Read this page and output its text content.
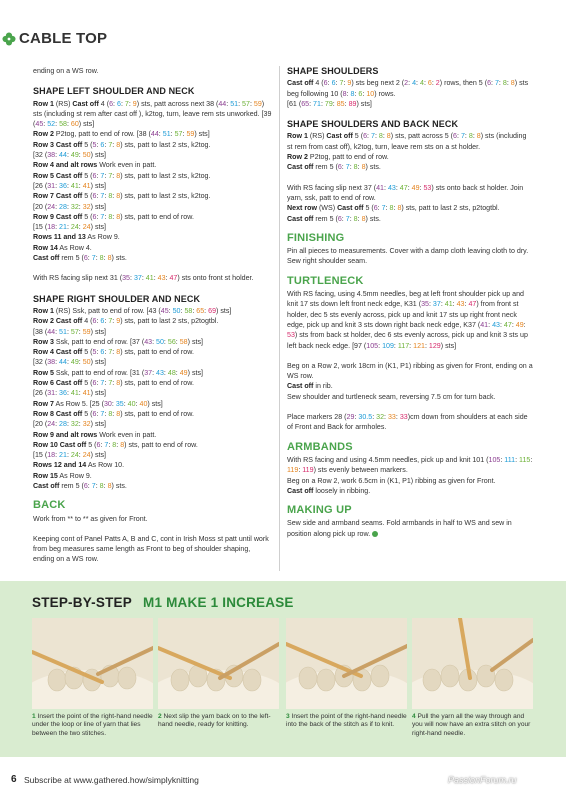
CABLE TOP

ending on a WS row.

SHAPE LEFT SHOULDER AND NECK

Row 1 (RS) Cast off 4 (6: 6: 7: 9) sts, patt across next 38 (44: 51: 57: 59) sts (including st rem after cast off ), k2tog, turn, leave rem sts unworked. [39 (45: 52: 58: 60) sts]

Row 2 P2tog, patt to end of row. [38 (44: 51: 57: 59) sts]

Row 3 Cast off 5 (5: 6: 7: 8) sts, patt to last 2 sts, k2tog.
[32 (38: 44: 49: 50) sts]

Row 4 and alt rows Work even in patt.

Row 5 Cast off 5 (6: 7: 7: 8) sts, patt to last 2 sts, k2tog.
[26 (31: 36: 41: 41) sts]

Row 7 Cast off 5 (6: 7: 8: 8) sts, patt to last 2 sts, k2tog.
[20 (24: 28: 32: 32) sts]

Row 9 Cast off 5 (6: 7: 8: 8) sts, patt to end of row.
[15 (18: 21: 24: 24) sts]

Rows 11 and 13 As Row 9.

Row 14 As Row 4.

Cast off rem 5 (6: 7: 8: 8) sts.

With RS facing slip next 31 (35: 37: 41: 43: 47) sts onto front st holder.

SHAPE RIGHT SHOULDER AND NECK

Row 1 (RS) Ssk, patt to end of row. [43 (45: 50: 58: 65: 69) sts]

Row 2 Cast off 4 (6: 6: 7: 9) sts, patt to last 2 sts, p2togtbl.
[38 (44: 51: 57: 59) sts]

Row 3 Ssk, patt to end of row. [37 (43: 50: 56: 58) sts]

Row 4 Cast off 5 (5: 6: 7: 8) sts, patt to end of row.
[32 (38: 44: 49: 50) sts]

Row 5 Ssk, patt to end of row. [31 (37: 43: 48: 49) sts]

Row 6 Cast off 5 (6: 7: 7: 8) sts, patt to end of row.
[26 (31: 36: 41: 41) sts]

Row 7 As Row 5. [25 (30: 35: 40: 40) sts]

Row 8 Cast off 5 (6: 7: 8: 8) sts, patt to end of row.
[20 (24: 28: 32: 32) sts]

Row 9 and alt rows Work even in patt.

Row 10 Cast off 5 (6: 7: 8: 8) sts, patt to end of row.
[15 (18: 21: 24: 24) sts]

Rows 12 and 14 As Row 10.

Row 15 As Row 9.

Cast off rem 5 (6: 7: 8: 8) sts.

BACK

Work from ** to ** as given for Front.

Keeping cont of Panel Patts A, B and C, cont in Irish Moss st patt until work from beg measures same length as Front to beg of shoulder shaping, ending on a WS row.

SHAPE SHOULDERS

Cast off 4 (6: 6: 7: 9) sts beg next 2 (2: 4: 4: 6: 2) rows, then 5 (6: 7: 8: 8) sts beg following 10 (8: 8: 6: 10) rows.
[61 (65: 71: 79: 85: 89) sts]

SHAPE SHOULDERS AND BACK NECK

Row 1 (RS) Cast off 5 (6: 7: 8: 8) sts, patt across 5 (6: 7: 8: 8) sts (including st rem from cast off), k2tog, turn, leave rem sts on a st holder.

Row 2 P2tog, patt to end of row.

Cast off rem 5 (6: 7: 8: 8) sts.

With RS facing slip next 37 (41: 43: 47: 49: 53) sts onto back st holder. Join yarn, ssk, patt to end of row.

Next row (WS) Cast off 5 (6: 7: 8: 8) sts, patt to last 2 sts, p2togtbl.

Cast off rem 5 (6: 7: 8: 8) sts.

FINISHING

Pin all pieces to measurements. Cover with a damp cloth leaving cloth to dry. Sew right shoulder seam.

TURTLENECK

With RS facing, using 4.5mm needles, beg at left front shoulder pick up and knit 17 sts down left front neck edge, K31 (35: 37: 41: 43: 47) from front st holder, dec 5 sts evenly across, pick up and knit 17 sts up right front neck edge, pick up and knit 3 sts down right back neck edge, K37 (41: 43: 47: 49: 53) sts from back st holder, dec 6 sts evenly across, pick up and knit 3 sts up left back neck edge. [97 (105: 109: 117: 121: 129) sts]

Beg on a Row 2, work 18cm in (K1, P1) ribbing as given for Front, ending on a WS row.

Cast off in rib.

Sew shoulder and turtleneck seam, reversing 7.5 cm for turn back.

Place markers 28 (29: 30.5: 32: 33: 33)cm down from shoulders at each side of Front and Back for armholes.

ARMBANDS

With RS facing and using 4.5mm needles, pick up and knit 101 (105: 111: 115: 119: 119) sts evenly between markers.

Beg on a Row 2, work 6.5cm in (K1, P1) ribbing as given for Front.

Cast off loosely in ribbing.

MAKING UP

Sew side and armband seams. Fold armbands in half to WS and sew in position along pick up row.

STEP-BY-STEP M1 MAKE 1 INCREASE
1 Insert the point of the right-hand needle under the loop or line of yarn that lies between the two stitches.
2 Next slip the yarn back on to the left-hand needle, ready for knitting.
3 Insert the point of the right-hand needle into the back of the stitch as if to knit.
4 Pull the yarn all the way through and you will now have an extra stitch on your right-hand needle.
6 Subscribe at www.gathered.how/simplyknitting	PassionForum.ru
